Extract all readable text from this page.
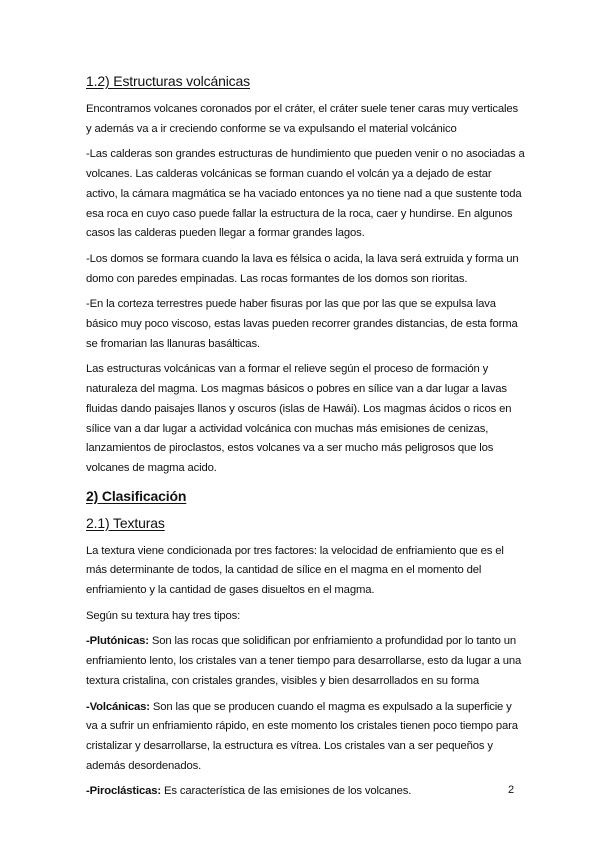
1.2) Estructuras volcánicas

Encontramos volcanes coronados por el cráter, el cráter suele tener caras muy verticales y además va a ir creciendo conforme se va expulsando el material volcánico

-Las calderas son grandes estructuras de hundimiento que pueden venir o no asociadas a volcanes. Las calderas volcánicas se forman cuando el volcán ya a dejado de estar activo, la cámara magmática se ha vaciado entonces ya no tiene nad a que sustente toda esa roca en cuyo caso puede fallar la estructura de la roca, caer y hundirse. En algunos casos las calderas pueden llegar a formar grandes lagos.

-Los domos se formara cuando la lava es félsica o acida, la lava será extruida y forma un domo con paredes empinadas. Las rocas formantes de los domos son rioritas.

-En la corteza terrestres puede haber fisuras por las que por las que se expulsa lava básico muy poco viscoso, estas lavas pueden recorrer grandes distancias, de esta forma se fromarian las llanuras basálticas.

Las estructuras volcánicas van a formar el relieve según el proceso de formación y naturaleza del magma. Los magmas básicos o pobres en sílice van a dar lugar a lavas fluidas dando paisajes llanos y oscuros (islas de Hawái). Los magmas ácidos o ricos en sílice van a dar lugar a actividad volcánica con muchas más emisiones de cenizas, lanzamientos de piroclastos, estos volcanes va a ser mucho más peligrosos que los volcanes de magma acido.

2) Clasificación
2.1) Texturas

La textura viene condicionada por tres factores: la velocidad de enfriamiento que es el más determinante de todos, la cantidad de sílice en el magma en el momento del enfriamiento y la cantidad de gases disueltos en el magma.

Según su textura hay tres tipos:

-Plutónicas: Son las rocas que solidifican por enfriamiento a profundidad por lo tanto un enfriamiento lento, los cristales van a tener tiempo para desarrollarse, esto da lugar a una textura cristalina, con cristales grandes, visibles y bien desarrollados en su forma

-Volcánicas: Son las que se producen cuando el magma es expulsado a la superficie y va a sufrir un enfriamiento rápido, en este momento los cristales tienen poco tiempo para cristalizar y desarrollarse, la estructura es vítrea. Los cristales van a ser pequeños y además desordenados.

-Piroclásticas: Es característica de las emisiones de los volcanes.	2
